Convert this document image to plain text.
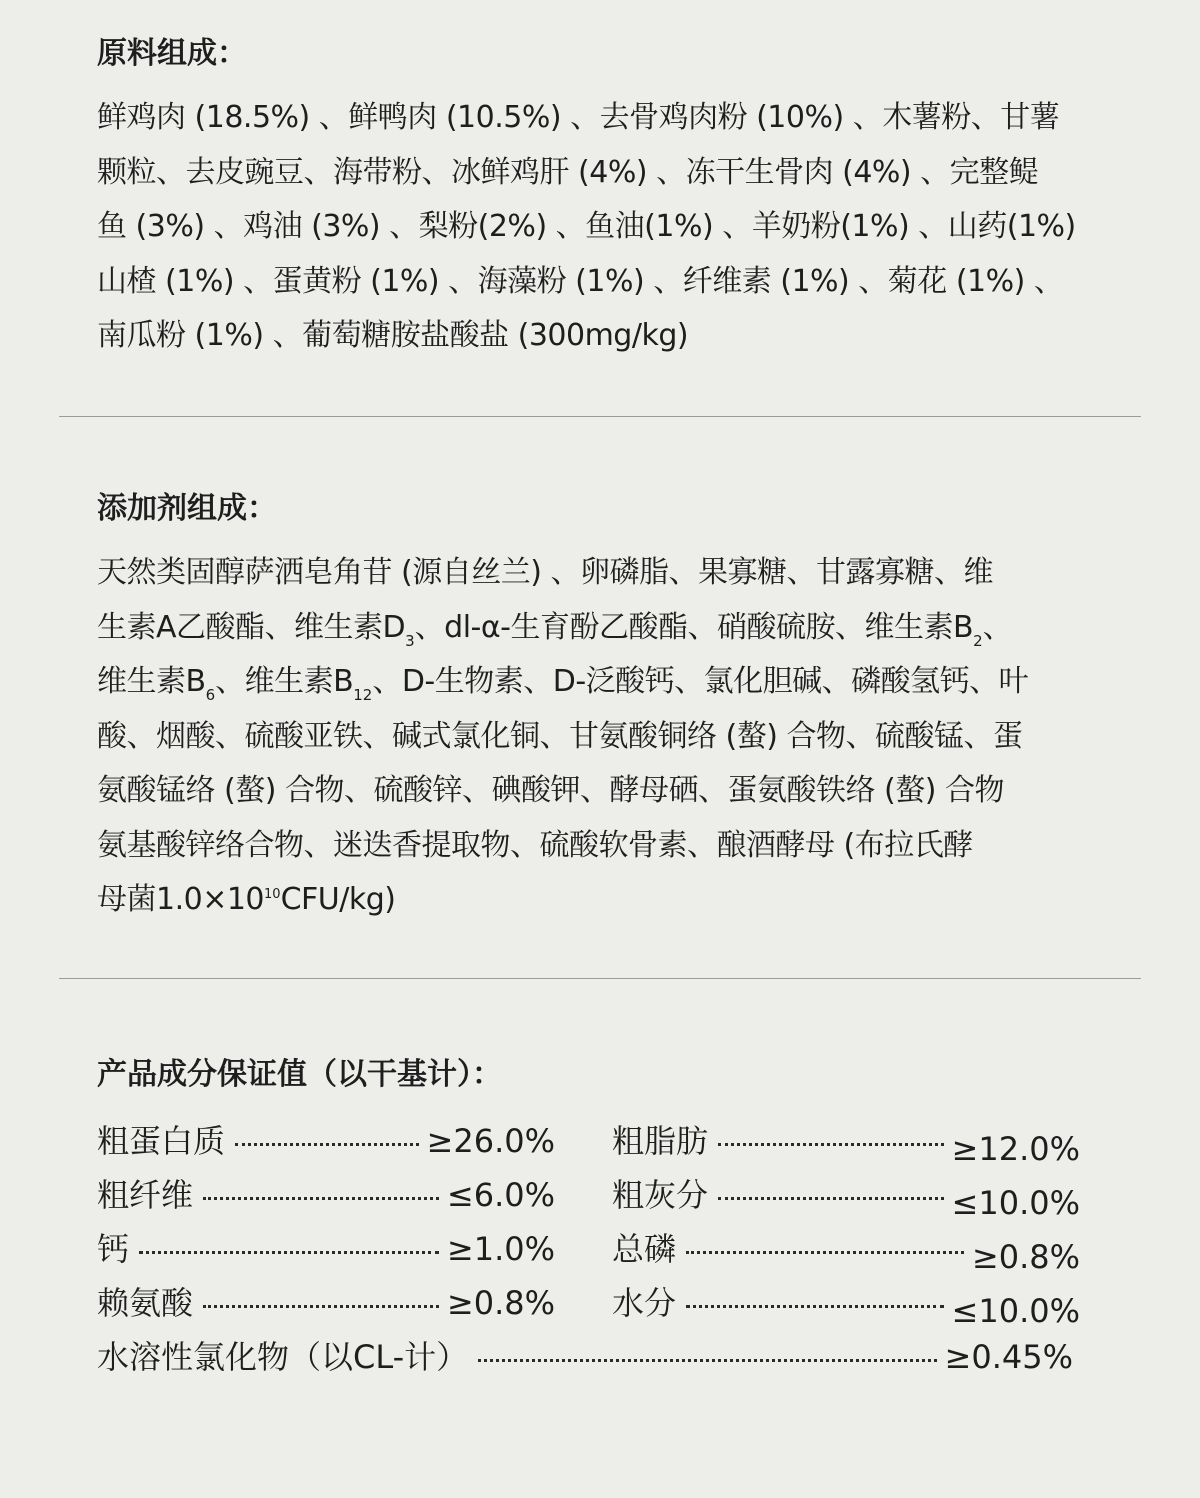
原料组成：
鲜鸡肉 (18.5%) 、鲜鸭肉 (10.5%) 、去骨鸡肉粉 (10%) 、木薯粉、甘薯
颗粒、去皮豌豆、海带粉、冰鲜鸡肝 (4%) 、冻干生骨肉 (4%) 、完整鳀
鱼 (3%) 、鸡油 (3%) 、梨粉(2%) 、鱼油(1%) 、羊奶粉(1%) 、山药(1%)
山楂 (1%) 、蛋黄粉 (1%) 、海藻粉 (1%) 、纤维素 (1%) 、菊花 (1%) 、
南瓜粉 (1%) 、葡萄糖胺盐酸盐 (300mg/kg)
添加剂组成：
天然类固醇萨洒皂角苷 (源自丝兰) 、卵磷脂、果寡糖、甘露寡糖、维
生素A乙酸酯、维生素$D_3$、dl-α-生育酚乙酸酯、硝酸硫胺、维生素$B_2$、
维生素$B_6$、维生素$B_{12}$、D-生物素、D-泛酸钙、氯化胆碱、磷酸氢钙、叶
酸、烟酸、硫酸亚铁、碱式氯化铜、甘氨酸铜络 (螯) 合物、硫酸锰、蛋
氨酸锰络 (螯) 合物、硫酸锌、碘酸钾、酵母硒、蛋氨酸铁络 (螯) 合物
氨基酸锌络合物、迷迭香提取物、硫酸软骨素、酿酒酵母 (布拉氏酵
母菌$1.0\times 10^{10}CFU/kg$)
产品成分保证值（以干基计）：
粗蛋白质	≥26.0% 粗脂肪	≥12.0%
粗纤维	≤6.0% 粗灰分	≤10.0%
钙	≥1.0% 总磷	≥0.8%
赖氨酸	≥0.8% 水分	≤10.0%
水溶性氯化物（以CL-计）	≥0.45%
